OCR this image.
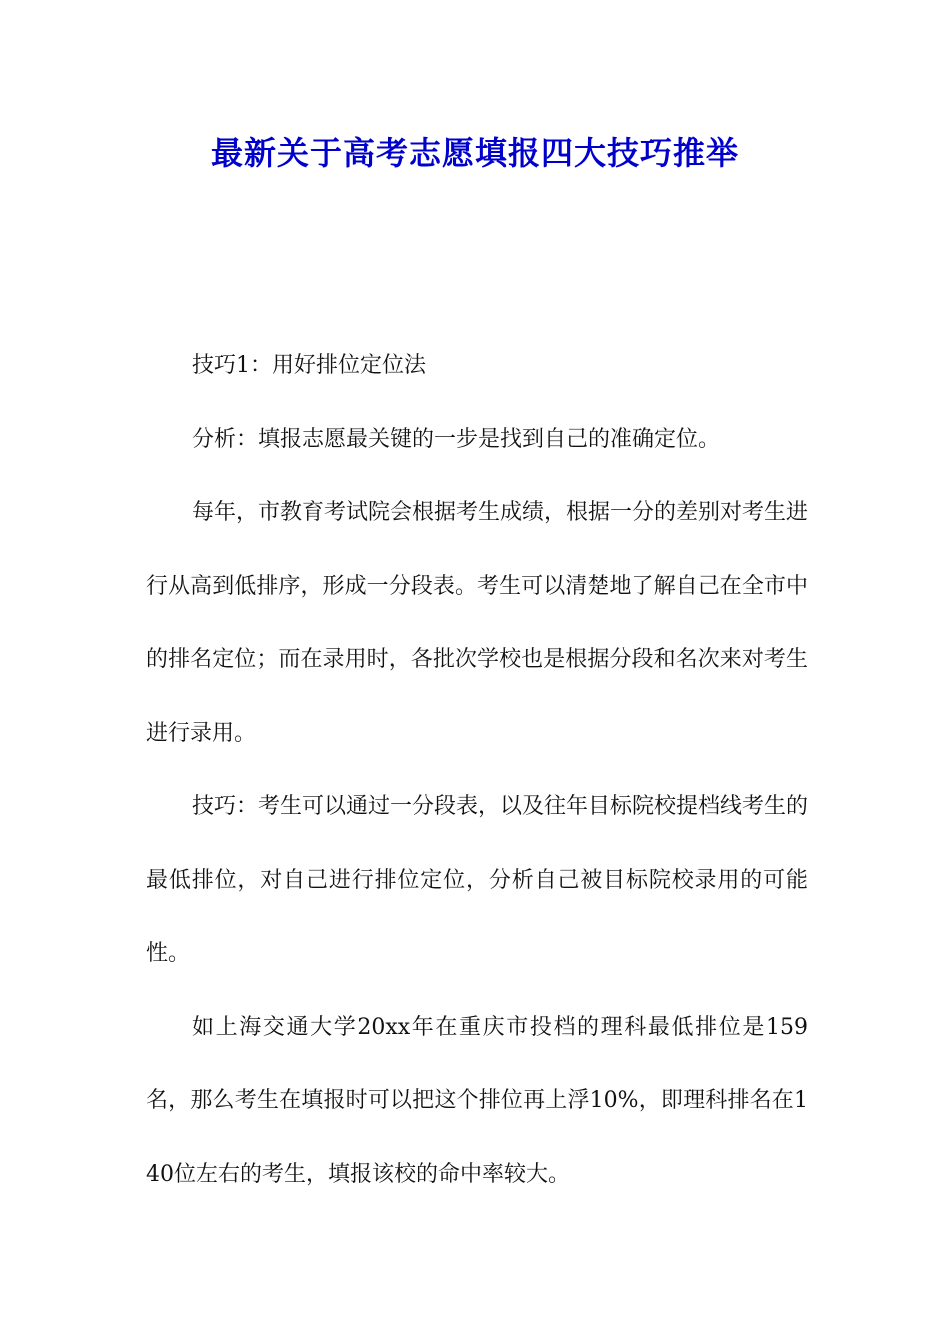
最新关于高考志愿填报四大技巧推举

技巧1：用好排位定位法

分析：填报志愿最关键的一步是找到自己的准确定位。

每年，市教育考试院会根据考生成绩，根据一分的差别对考生进行从高到低排序，形成一分段表。考生可以清楚地了解自己在全市中的排名定位；而在录用时，各批次学校也是根据分段和名次来对考生进行录用。

技巧：考生可以通过一分段表，以及往年目标院校提档线考生的最低排位，对自己进行排位定位，分析自己被目标院校录用的可能性。

如上海交通大学20xx年在重庆市投档的理科最低排位是159名，那么考生在填报时可以把这个排位再上浮10%，即理科排名在140位左右的考生，填报该校的命中率较大。
